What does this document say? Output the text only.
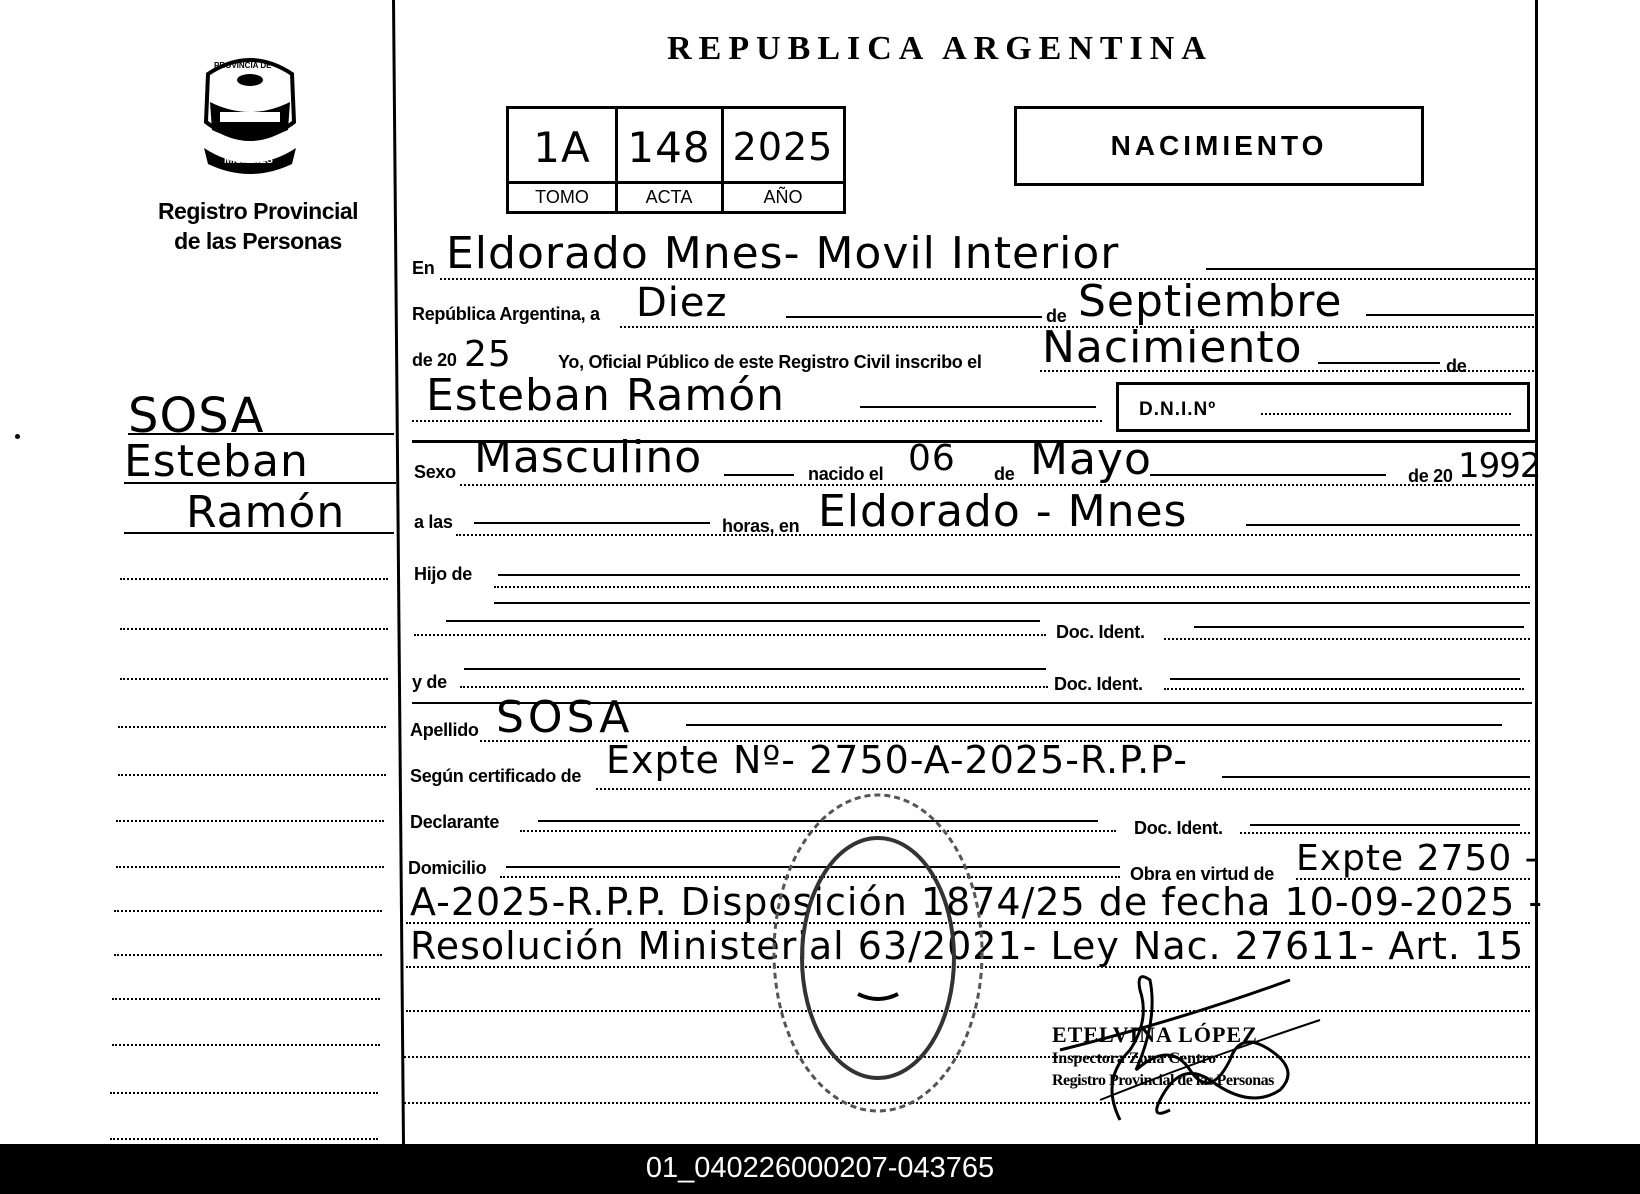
PROVINCIA DE
MISIONES
Registro Provincial
de las Personas
SOSA
Esteban
Ramón
REPUBLICA ARGENTINA
1A 148 2025
TOMO	ACTA	AÑO
NACIMIENTO
En Eldorado Mnes- Movil Interior
República Argentina, a Diez	de Septiembre
de 20 25	Yo, Oficial Público de este Registro Civil inscribo el Nacimiento	de
Esteban Ramón	D.N.I.Nº
Sexo Masculino	nacido el 06 de Mayo	de 20 1992
a las	horas, en Eldorado - Mnes
Hijo de
Doc. Ident.
y de	Doc. Ident.
Apellido SOSA
Según certificado de Expte Nº- 2750-A-2025-R.P.P-
Declarante	Doc. Ident.
Domicilio	Obra en virtud de Expte 2750 -
A-2025-R.P.P. Disposición 1874/25 de fecha 10-09-2025 -
Resolución Ministerial 63/2021- Ley Nac. 27611- Art. 15
ETELVINA LÓPEZ
Inspectora Zona Centro
Registro Provincial de las Personas
01_040226000207-043765
